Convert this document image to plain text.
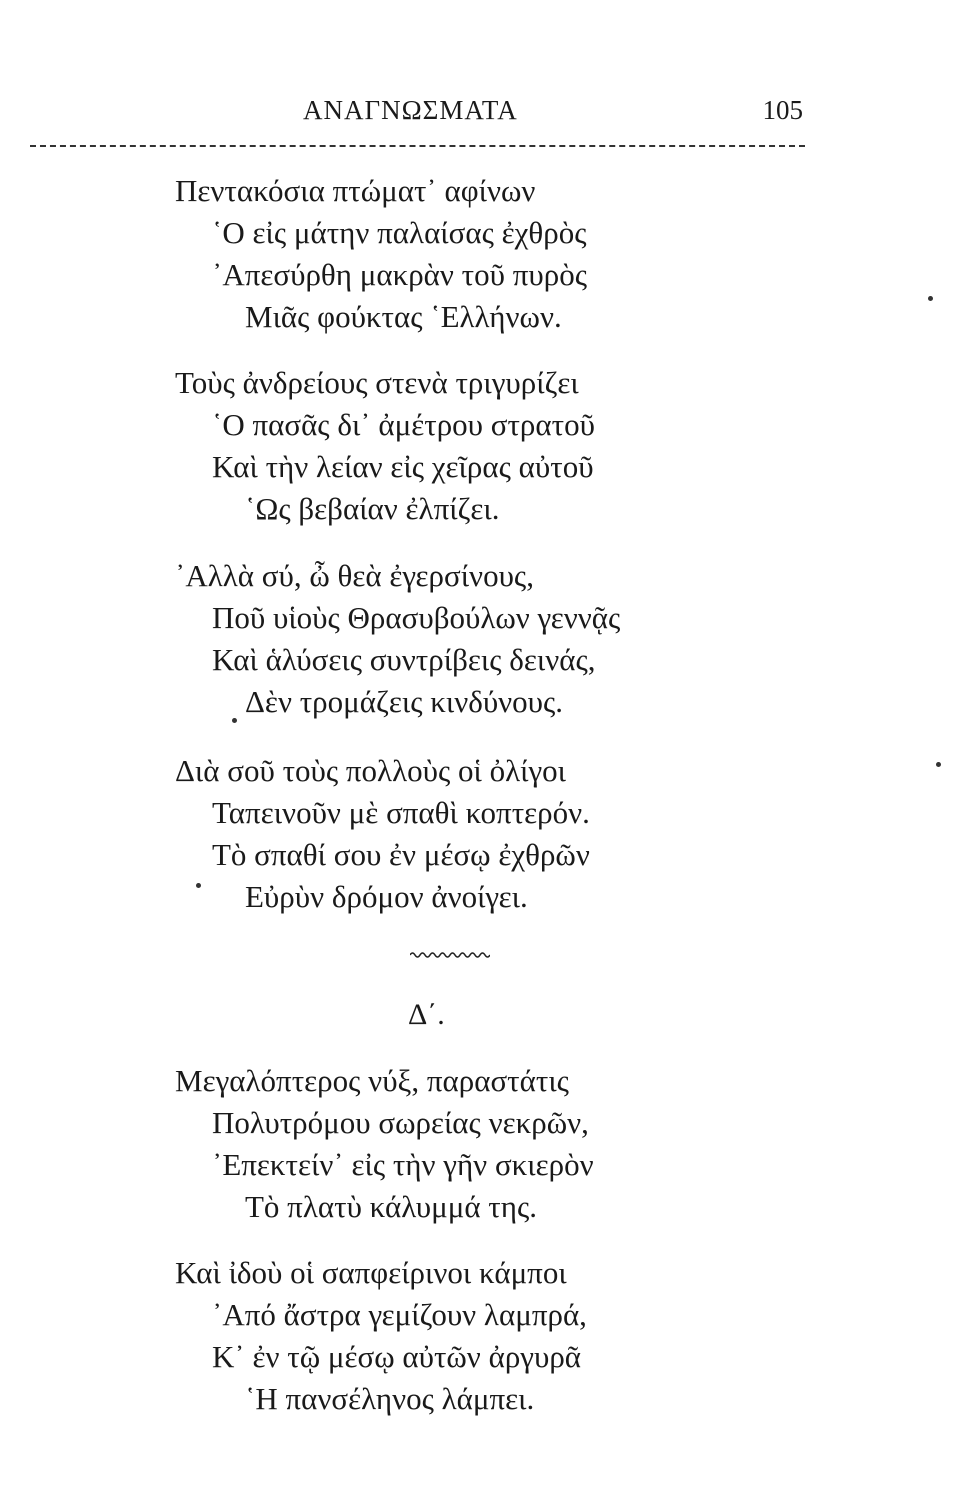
ΑΝΑΓΝΩΣΜΑΤΑ	105
Πεντακόσια πτώματ᾽ αφίνων
῾Ο εἰς μάτην παλαίσας ἐχθρὸς
᾽Απεσύρθη μακρὰν τοῦ πυρὸς
Μιᾶς φούκτας ῾Ελλήνων.
Τοὺς ἀνδρείους στενὰ τριγυρίζει
῾Ο πασᾶς δι᾽ ἀμέτρου στρατοῦ
Καὶ τὴν λείαν εἰς χεῖρας αὐτοῦ
῾Ως βεβαίαν ἐλπίζει.
᾽Αλλὰ σύ, ὦ θεὰ ἐγερσίνους,
Ποῦ υἱοὺς Θρασυβούλων γεννᾷς
Καὶ ἁλύσεις συντρίβεις δεινάς,
Δὲν τρομάζεις κινδύνους.
Διὰ σοῦ τοὺς πολλοὺς οἱ ὀλίγοι
Ταπεινοῦν μὲ σπαθὶ κοπτερόν.
Τὸ σπαθί σου ἐν μέσῳ ἐχθρῶν
Εὐρὺν δρόμον ἀνοίγει.
Δ΄.
Μεγαλόπτερος νύξ, παραστάτις
Πολυτρόμου σωρείας νεκρῶν,
᾽Επεκτείν᾽ εἰς τὴν γῆν σκιερὸν
Τὸ πλατὺ κάλυμμά της.
Καὶ ἰδοὺ οἱ σαπφείρινοι κάμποι
᾽Από ἄστρα γεμίζουν λαμπρά,
Κ᾽ ἐν τῷ μέσῳ αὐτῶν ἀργυρᾶ
῾Η πανσέληνος λάμπει.
